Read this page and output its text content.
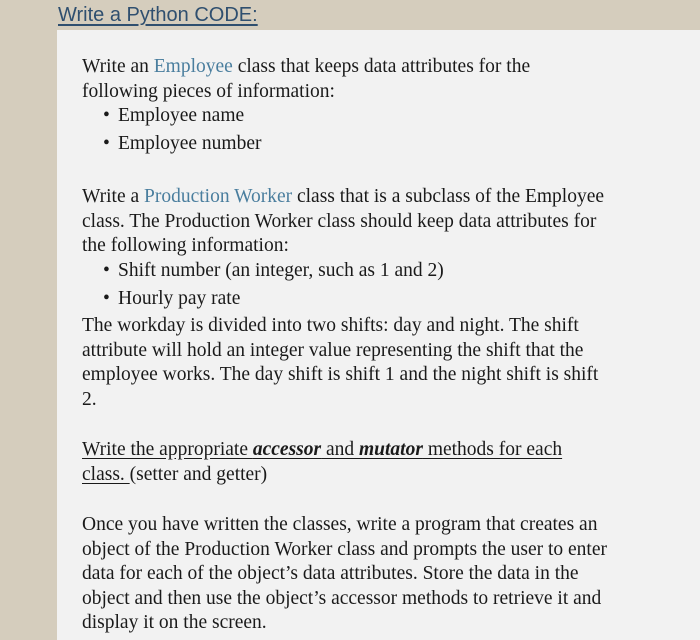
Write a Python CODE:

Write an Employee class that keeps data attributes for the
following pieces of information:

• Employee name
• Employee number

Write a Production Worker class that is a subclass of the Employee
class. The Production Worker class should keep data attributes for
the following information:

• Shift number (an integer, such as 1 and 2)
• Hourly pay rate

The workday is divided into two shifts: day and night. The shift
attribute will hold an integer value representing the shift that the
employee works. The day shift is shift 1 and the night shift is shift
2.

Write the appropriate accessor and mutator methods for each
class. (setter and getter)

Once you have written the classes, write a program that creates an
object of the Production Worker class and prompts the user to enter
data for each of the object’s data attributes. Store the data in the
object and then use the object’s accessor methods to retrieve it and
display it on the screen.
